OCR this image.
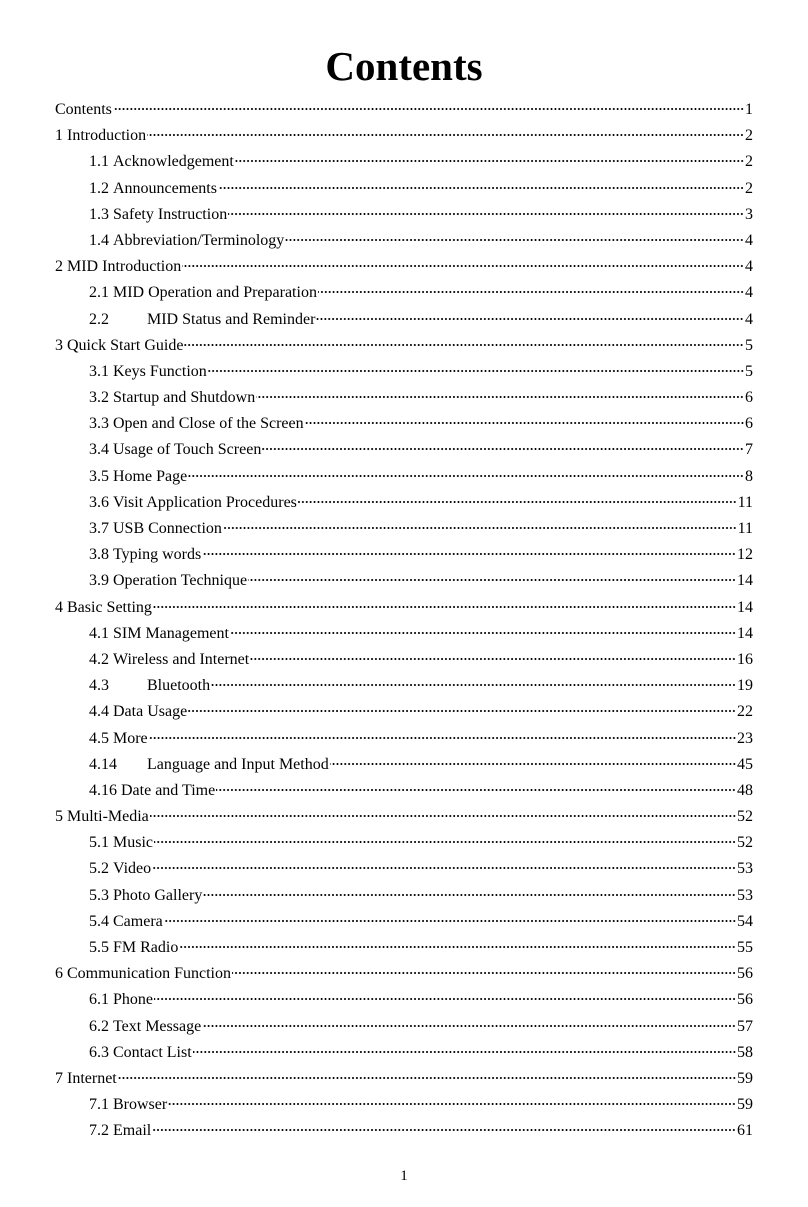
Contents
Contents	1
1 Introduction	2
1.1 Acknowledgement	2
1.2 Announcements	2
1.3 Safety Instruction	3
1.4 Abbreviation/Terminology	4
2 MID Introduction	4
2.1 MID Operation and Preparation	4
2.2	MID Status and Reminder	4
3 Quick Start Guide	5
3.1 Keys Function	5
3.2 Startup and Shutdown	6
3.3 Open and Close of the Screen	6
3.4 Usage of Touch Screen	7
3.5 Home Page	8
3.6 Visit Application Procedures	11
3.7 USB Connection	11
3.8 Typing words	12
3.9 Operation Technique	14
4 Basic Setting	14
4.1 SIM Management	14
4.2 Wireless and Internet	16
4.3	Bluetooth	19
4.4 Data Usage	22
4.5 More	23
4.14	Language and Input Method	45
4.16 Date and Time	48
5 Multi-Media	52
5.1 Music	52
5.2 Video	53
5.3 Photo Gallery	53
5.4 Camera	54
5.5 FM Radio	55
6 Communication Function	56
6.1 Phone	56
6.2 Text Message	57
6.3 Contact List	58
7 Internet	59
7.1 Browser	59
7.2 Email	61
1
